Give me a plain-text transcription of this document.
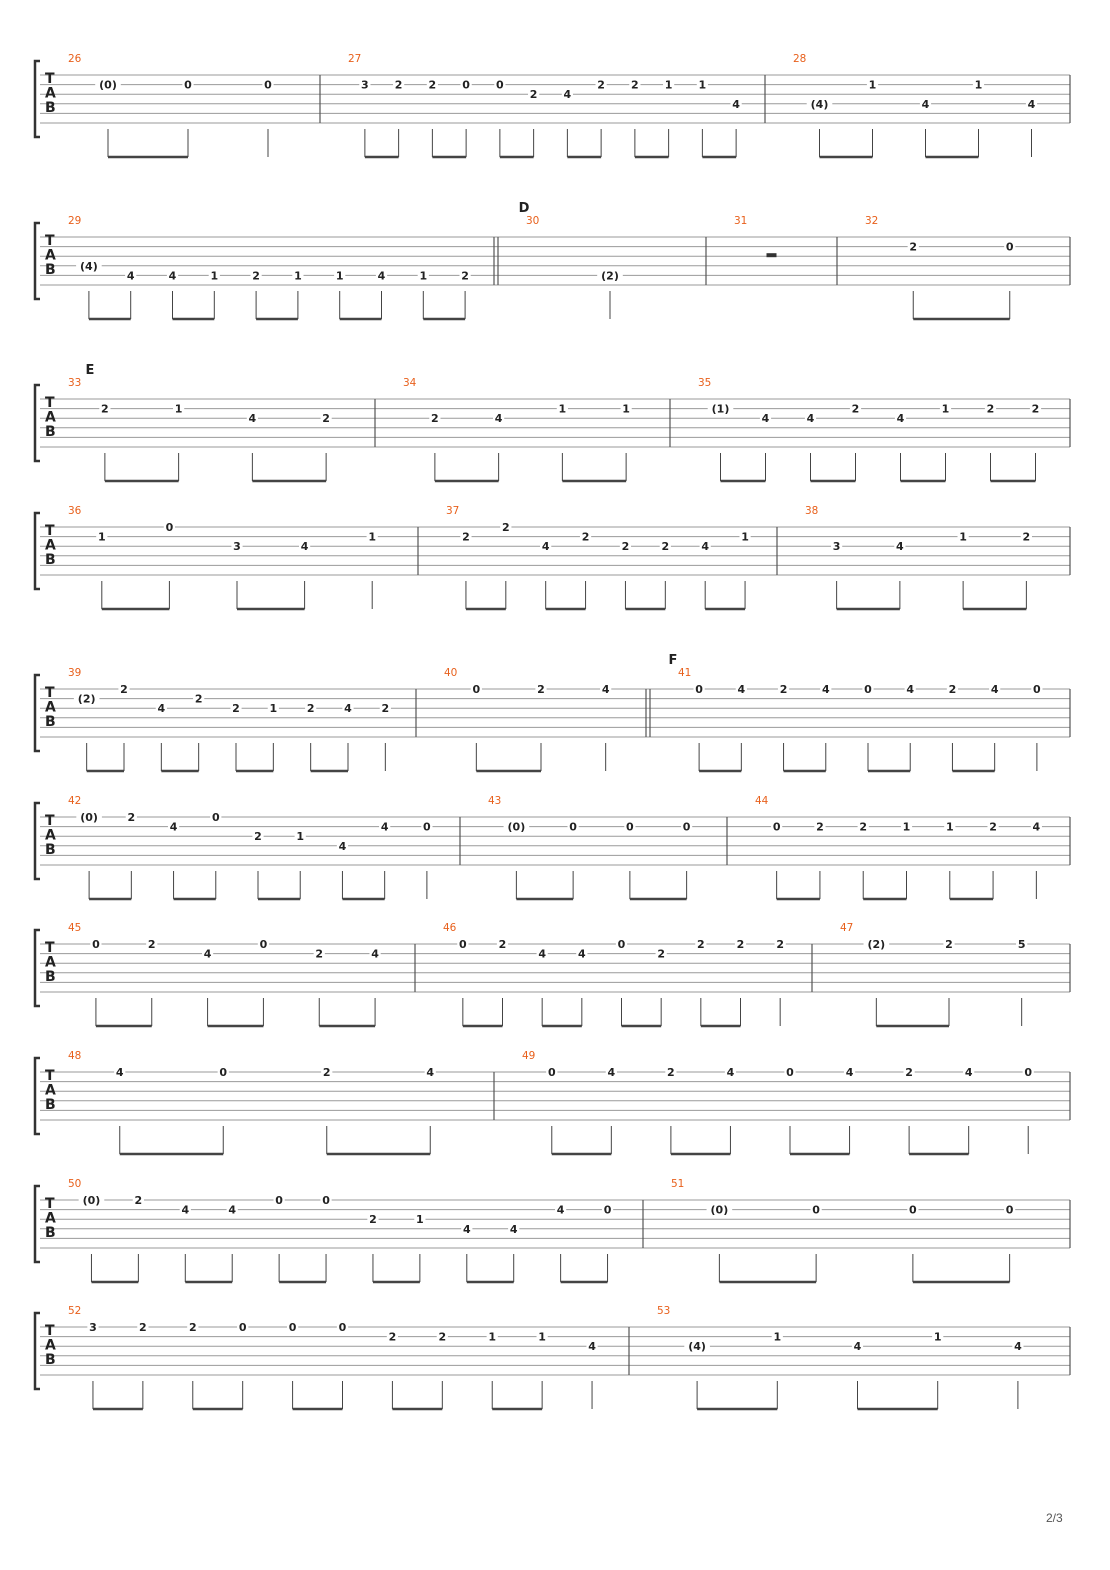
T
A
B
26
(0)	0	0
27
3 2 2 0 0
2 4
2 2 1 1
4
28
(4)
1
4
1
4
T
A
B
D
29
(4)
4	4	1	2	1	1	4	1	2
30
(2)
31	32
2	0
T
A
B
E
33
2	1
4	2
34
2	4
1	1
35
(1)
4	4
2
4
1	2	2
T
A
B
36
1
0
3	4
1
37
2
2
4
2
2	2	4
1
38
3	4
1	2
T
A
B
F
39
(2)
2
4
2
2	1	2	4	2
40
0	2	4
41
0	4	2	4	0	4	2	4	0
T
A
B
42
(0)	2
4
0
2	1
4
4	0
43
(0)	0	0	0
44
0	2	2	1	1	2	4
T
A
B
45
0	2
4
0
2	4
46
0	2
4	4
0
2
2	2	2
47
(2)	2	5
T
A
B
48
4	0	2	4
49
0	4	2	4	0	4	2	4	0
T
A
B
50
(0)	2
4	4
0	0
2	1
4	4
4	0
51
(0)	0	0	0
T
A
B
52
3	2	2	0	0	0
2	2	1	1
4
53
(4)
1
4
1
4
2/3
